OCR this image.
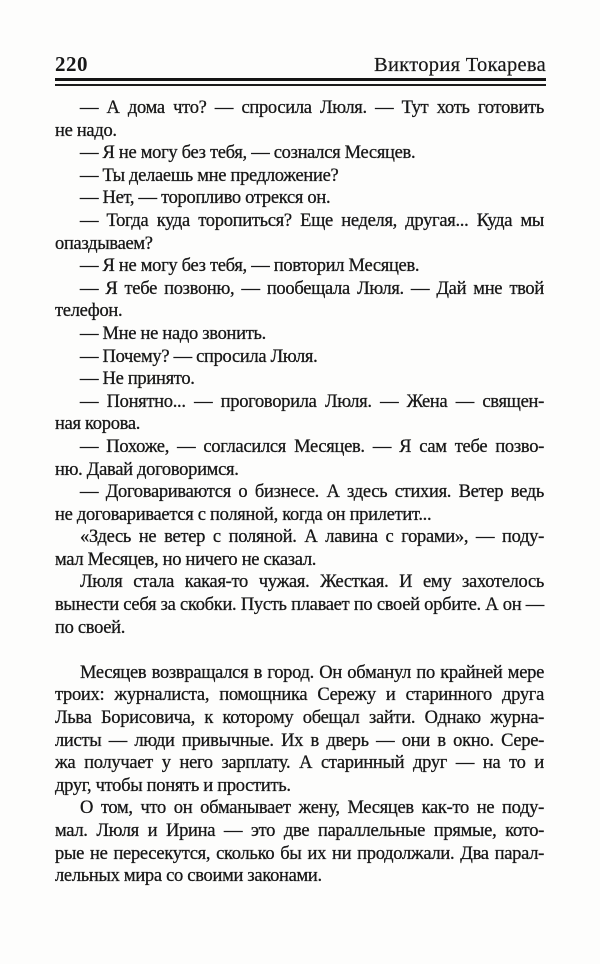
220	Виктория Токарева
— А дома что? — спросила Люля. — Тут хоть готовить
не надо.
— Я не могу без тебя, — сознался Месяцев.
— Ты делаешь мне предложение?
— Нет, — торопливо отрекся он.
— Тогда куда торопиться? Еще неделя, другая... Куда мы
опаздываем?
— Я не могу без тебя, — повторил Месяцев.
— Я тебе позвоню, — пообещала Люля. — Дай мне твой
телефон.
— Мне не надо звонить.
— Почему? — спросила Люля.
— Не принято.
— Понятно... — проговорила Люля. — Жена — священ-
ная корова.
— Похоже, — согласился Месяцев. — Я сам тебе позво-
ню. Давай договоримся.
— Договариваются о бизнесе. А здесь стихия. Ветер ведь
не договаривается с поляной, когда он прилетит...
«Здесь не ветер с поляной. А лавина с горами», — поду-
мал Месяцев, но ничего не сказал.
Люля стала какая-то чужая. Жесткая. И ему захотелось
вынести себя за скобки. Пусть плавает по своей орбите. А он —
по своей.
Месяцев возвращался в город. Он обманул по крайней мере
троих: журналиста, помощника Сережу и старинного друга
Льва Борисовича, к которому обещал зайти. Однако журна-
листы — люди привычные. Их в дверь — они в окно. Сере-
жа получает у него зарплату. А старинный друг — на то и
друг, чтобы понять и простить.
О том, что он обманывает жену, Месяцев как-то не поду-
мал. Люля и Ирина — это две параллельные прямые, кото-
рые не пересекутся, сколько бы их ни продолжали. Два парал-
лельных мира со своими законами.
